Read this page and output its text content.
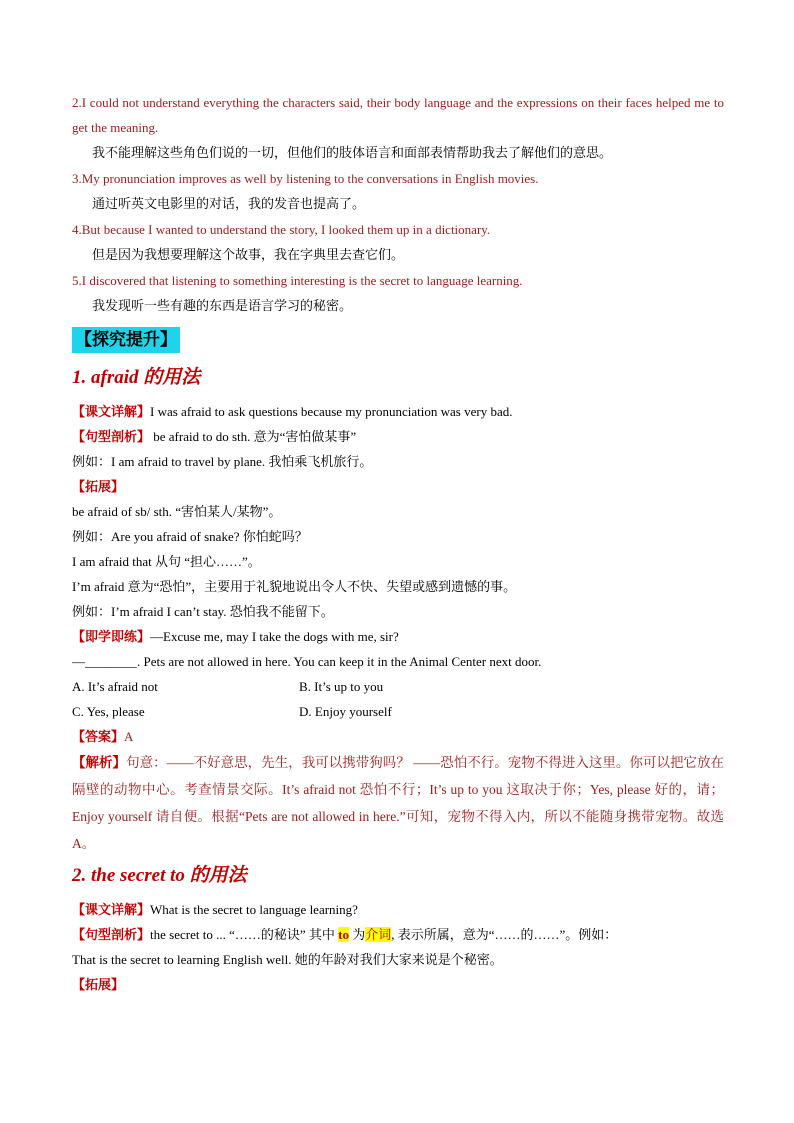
2.I could not understand everything the characters said, their body language and the expressions on their faces helped me to get the meaning.
我不能理解这些角色们说的一切，但他们的肢体语言和面部表情帮助我去了解他们的意思。
3.My pronunciation improves as well by listening to the conversations in English movies.
通过听英文电影里的对话，我的发音也提高了。
4.But because I wanted to understand the story, I looked them up in a dictionary.
但是因为我想要理解这个故事，我在字典里去查它们。
5.I discovered that listening to something interesting is the secret to language learning.
我发现听一些有趣的东西是语言学习的秘密。
【探究提升】
1. afraid 的用法
【课文详解】I was afraid to ask questions because my pronunciation was very bad.
【句型剖析】 be afraid to do sth. 意为“害怕做某事”
例如：I am afraid to travel by plane. 我怕乘飞机旅行。
【拓展】
be afraid of sb/ sth. “害怕某人/某物”。
例如：Are you afraid of snake? 你怕蛇吗？
I am afraid that 从句 “担心……”。
I’m afraid 意为“恐怕”，主要用于礼貌地说出令人不快、失望或感到遗憾的事。
例如：I’m afraid I can’t stay. 恐怕我不能留下。
【即学即练】—Excuse me, may I take the dogs with me, sir?
—________. Pets are not allowed in here. You can keep it in the Animal Center next door.
A. It’s afraid not	B. It’s up to you
C. Yes, please	D. Enjoy yourself
【答案】A
【解析】句意：——不好意思，先生，我可以携带狗吗？ ——恐怕不行。宠物不得进入这里。你可以把它放在隔壁的动物中心。考查情景交际。It’s afraid not 恐怕不行；It’s up to you 这取决于你；Yes, please 好的，请；Enjoy yourself 请自便。根据“Pets are not allowed in here.”可知，宠物不得入内，所以不能随身携带宠物。故选 A。
2. the secret to 的用法
【课文详解】What is the secret to language learning?
【句型剖析】the secret to ... “……的秘诀” 其中 to 为介词, 表示所属，意为“……的……”。例如：
That is the secret to learning English well. 她的年龄对我们大家来说是个秘密。
【拓展】
